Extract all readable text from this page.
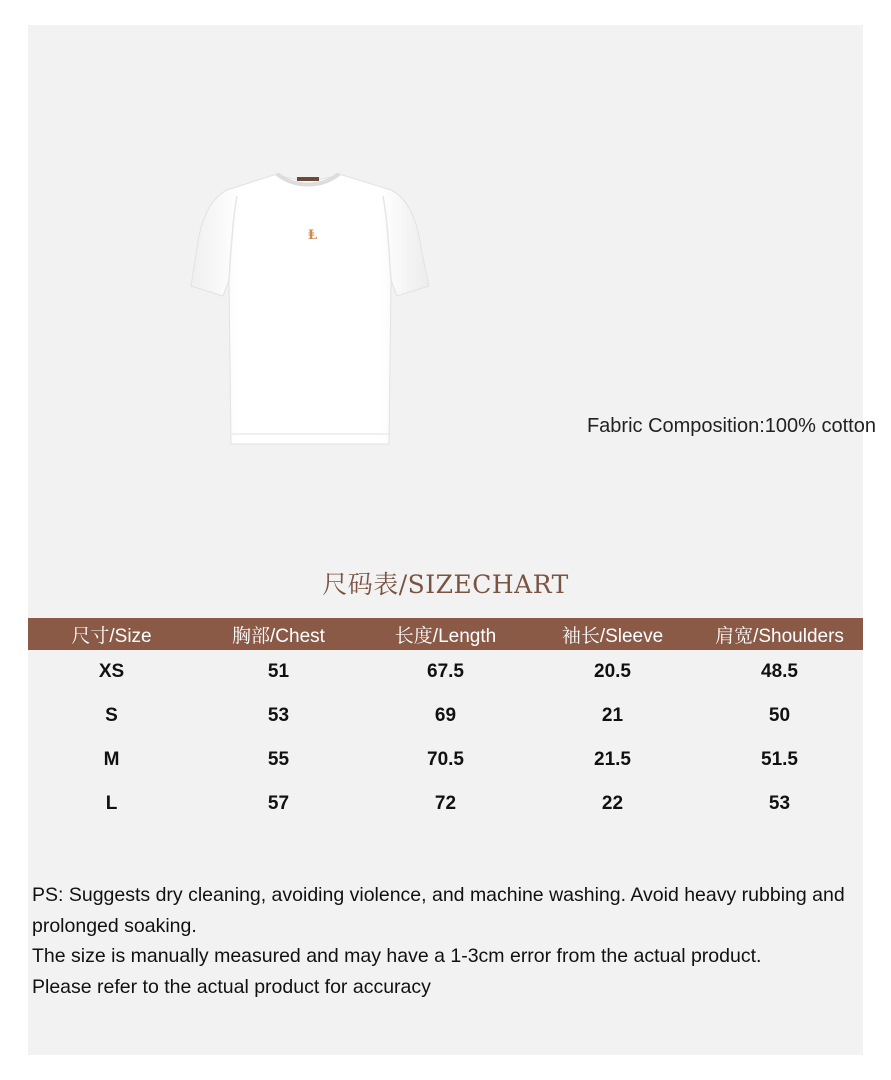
Ⱡ
Fabric Composition:100% cotton
尺码表/SIZECHART
尺寸/Size	胸部/Chest	长度/Length	袖长/Sleeve	肩宽/Shoulders
XS	51	67.5	20.5	48.5
S	53	69	21	50
M	55	70.5	21.5	51.5
L	57	72	22	53

PS: Suggests dry cleaning, avoiding violence, and machine washing. Avoid heavy rubbing and prolonged soaking.

The size is manually measured and may have a 1-3cm error from the actual product.

Please refer to the actual product for accuracy
